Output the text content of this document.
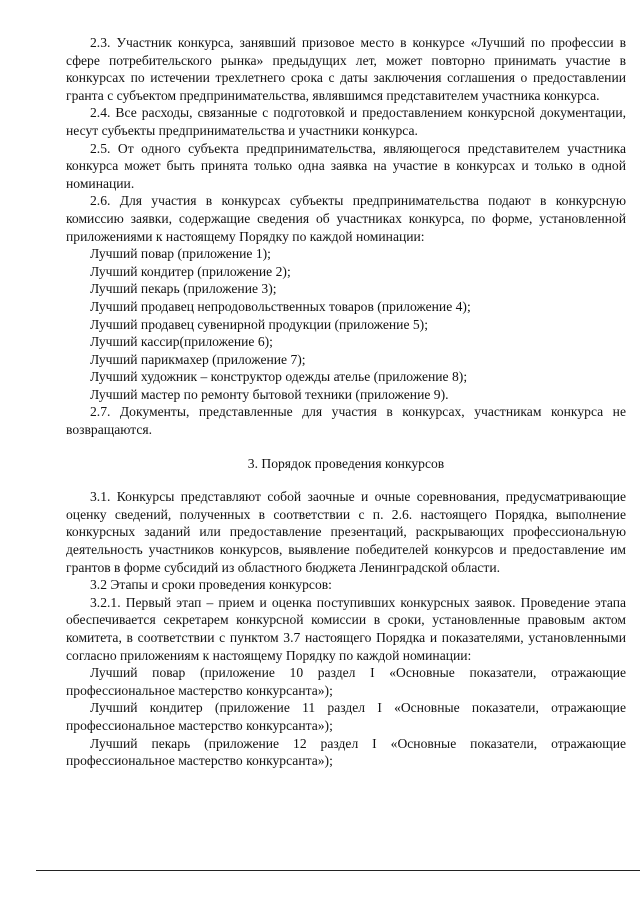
2.3. Участник конкурса, занявший призовое место в конкурсе «Лучший по профессии в сфере потребительского рынка» предыдущих лет, может повторно принимать участие в конкурсах по истечении трехлетнего срока с даты заключения соглашения о предоставлении гранта с субъектом предпринимательства, являвшимся представителем участника конкурса.

2.4. Все расходы, связанные с подготовкой и предоставлением конкурсной документации, несут субъекты предпринимательства и участники конкурса.

2.5. От одного субъекта предпринимательства, являющегося представителем участника конкурса может быть принята только одна заявка на участие в конкурсах и только в одной номинации.

2.6. Для участия в конкурсах субъекты предпринимательства подают в конкурсную комиссию заявки, содержащие сведения об участниках конкурса, по форме, установленной приложениями к настоящему Порядку по каждой номинации:

Лучший повар (приложение 1);

Лучший кондитер (приложение 2);

Лучший пекарь (приложение 3);

Лучший продавец непродовольственных товаров (приложение 4);

Лучший продавец сувенирной продукции (приложение 5);

Лучший кассир(приложение 6);

Лучший парикмахер (приложение 7);

Лучший художник – конструктор одежды ателье (приложение 8);

Лучший мастер по ремонту бытовой техники (приложение 9).

2.7. Документы, представленные для участия в конкурсах, участникам конкурса не возвращаются.

3. Порядок проведения конкурсов

3.1. Конкурсы представляют собой заочные и очные соревнования, предусматривающие оценку сведений, полученных в соответствии с п. 2.6. настоящего Порядка, выполнение конкурсных заданий или предоставление презентаций, раскрывающих профессиональную деятельность участников конкурсов, выявление победителей конкурсов и предоставление им грантов в форме субсидий из областного бюджета Ленинградской области.

3.2 Этапы и сроки проведения конкурсов:

3.2.1. Первый этап – прием и оценка поступивших конкурсных заявок. Проведение этапа обеспечивается секретарем конкурсной комиссии в сроки, установленные правовым актом комитета, в соответствии с пунктом 3.7 настоящего Порядка и показателями, установленными согласно приложениям к настоящему Порядку по каждой номинации:

Лучший повар (приложение 10 раздел I «Основные показатели, отражающие профессиональное мастерство конкурсанта»);

Лучший кондитер (приложение 11 раздел I «Основные показатели, отражающие профессиональное мастерство конкурсанта»);

Лучший пекарь (приложение 12 раздел I «Основные показатели, отражающие профессиональное мастерство конкурсанта»);
